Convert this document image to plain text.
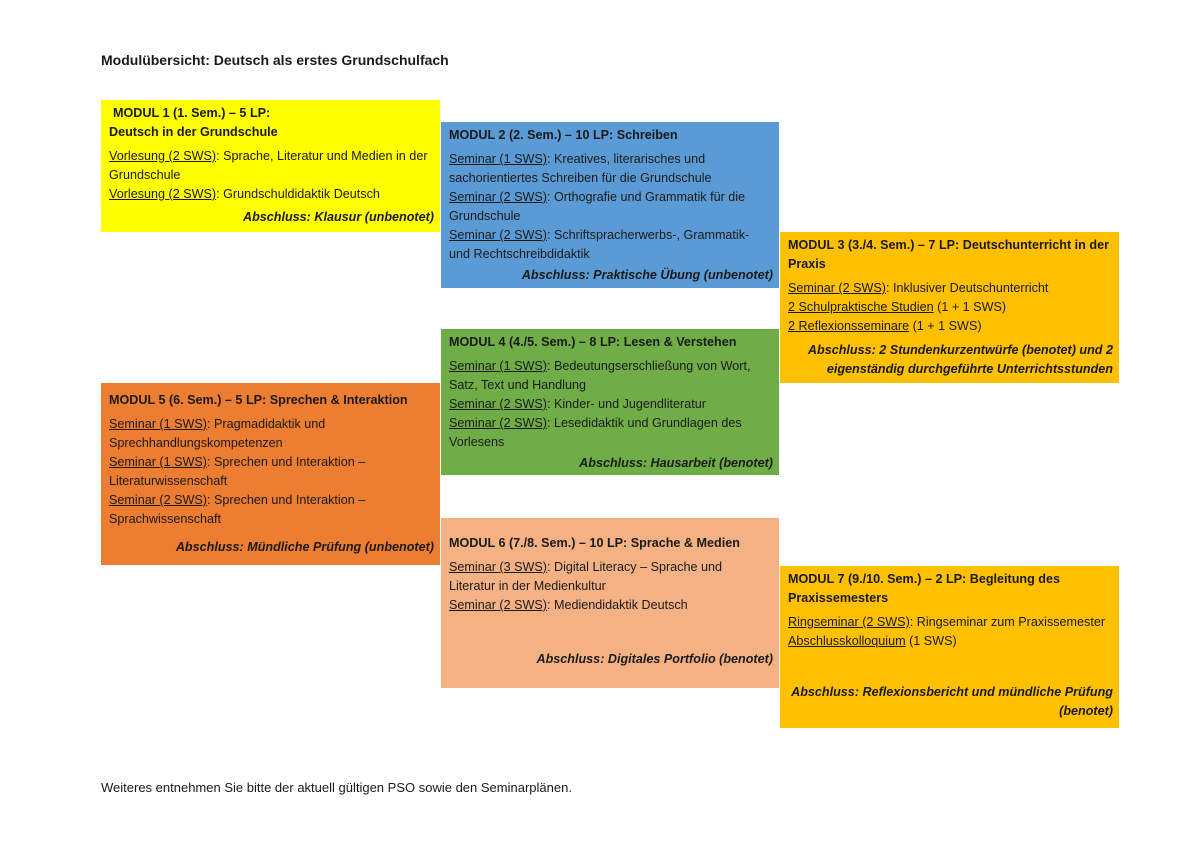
Modulübersicht: Deutsch als erstes Grundschulfach
MODUL 1 (1. Sem.) – 5 LP:
Deutsch in der Grundschule
Vorlesung (2 SWS): Sprache, Literatur und Medien in der Grundschule
Vorlesung (2 SWS): Grundschuldidaktik Deutsch
Abschluss: Klausur (unbenotet)
MODUL 2 (2. Sem.) – 10 LP: Schreiben
Seminar (1 SWS): Kreatives, literarisches und sachorientiertes Schreiben für die Grundschule
Seminar (2 SWS): Orthografie und Grammatik für die Grundschule
Seminar (2 SWS): Schriftspracherwerbs-, Grammatik- und Rechtschreibdidaktik
Abschluss: Praktische Übung (unbenotet)
MODUL 3 (3./4. Sem.) – 7 LP: Deutschunterricht in der Praxis
Seminar (2 SWS): Inklusiver Deutschunterricht
2 Schulpraktische Studien (1 + 1 SWS)
2 Reflexionsseminare (1 + 1 SWS)
Abschluss: 2 Stundenkurzentwürfe (benotet) und 2 eigenständig durchgeführte Unterrichtsstunden
MODUL 4 (4./5. Sem.) – 8 LP: Lesen & Verstehen
Seminar (1 SWS): Bedeutungserschließung von Wort, Satz, Text und Handlung
Seminar (2 SWS): Kinder- und Jugendliteratur
Seminar (2 SWS): Lesedidaktik und Grundlagen des Vorlesens
Abschluss: Hausarbeit (benotet)
MODUL 5 (6. Sem.) – 5 LP: Sprechen & Interaktion
Seminar (1 SWS): Pragmadidaktik und Sprechhandlungskompetenzen
Seminar (1 SWS): Sprechen und Interaktion – Literaturwissenschaft
Seminar (2 SWS): Sprechen und Interaktion – Sprachwissenschaft
Abschluss: Mündliche Prüfung (unbenotet) MODUL 6 (7./8. Sem.) – 10 LP: Sprache & Medien
Seminar (3 SWS): Digital Literacy – Sprache und Literatur in der Medienkultur
Seminar (2 SWS): Mediendidaktik Deutsch
Abschluss: Digitales Portfolio (benotet)
MODUL 7 (9./10. Sem.) – 2 LP: Begleitung des Praxissemesters
Ringseminar (2 SWS): Ringseminar zum Praxissemester
Abschlusskolloquium (1 SWS)
Abschluss: Reflexionsbericht und mündliche Prüfung (benotet)
Weiteres entnehmen Sie bitte der aktuell gültigen PSO sowie den Seminarplänen.
